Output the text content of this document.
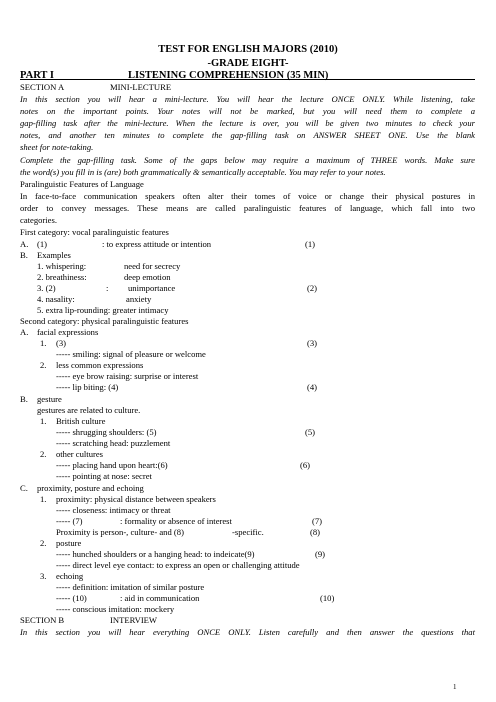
TEST FOR ENGLISH MAJORS (2010)
-GRADE EIGHT-
PART I	LISTENING COMPREHENSION (35 MIN)
SECTION A	MINI-LECTURE
In this section you will hear a mini-lecture. You will hear the lecture ONCE ONLY. While listening, take
notes on the important points. Your notes will not be marked, but you will need them to complete a
gap-filling task after the mini-lecture. When the lecture is over, you will be given two minutes to check your
notes, and another ten minutes to complete the gap-filling task on ANSWER SHEET ONE. Use the blank
sheet for note-taking.
Complete the gap-filling task. Some of the gaps below may require a maximum of THREE words. Make sure
the word(s) you fill in is (are) both grammatically & semantically acceptable. You may refer to your notes.
Paralinguistic Features of Language
In face-to-face communication speakers often alter their tomes of voice or change their physical postures in
order to convey messages. These means are called paralinguistic features of language, which fall into two
categories.
First category: vocal paralinguistic features
A. (1)	: to express attitude or intention	(1)
B. Examples
1. whispering:	need for secrecy
2. breathiness:	deep emotion
3. (2)	: unimportance	(2)
4. nasality:	anxiety
5. extra lip-rounding: greater intimacy
Second category: physical paralinguistic features
A. facial expressions
1. (3)	(3)
----- smiling: signal of pleasure or welcome
2. less common expressions
----- eye brow raising: surprise or interest
----- lip biting: (4)	(4)
B. gesture
gestures are related to culture.
1. British culture
----- shrugging shoulders: (5)	(5)
----- scratching head: puzzlement
2. other cultures
----- placing hand upon heart:(6)	(6)
----- pointing at nose: secret
C. proximity, posture and echoing
1. proximity: physical distance between speakers
----- closeness: intimacy or threat
----- (7)	: formality or absence of interest	(7)
Proximity is person-, culture- and (8)	-specific.	(8)
2. posture
----- hunched shoulders or a hanging head: to indeicate(9)	(9)
----- direct level eye contact: to express an open or challenging attitude
3. echoing
----- definition: imitation of similar posture
----- (10)	: aid in communication	(10)
----- conscious imitation: mockery
SECTION B	INTERVIEW
In this section you will hear everything ONCE ONLY. Listen carefully and then answer the questions that
1
